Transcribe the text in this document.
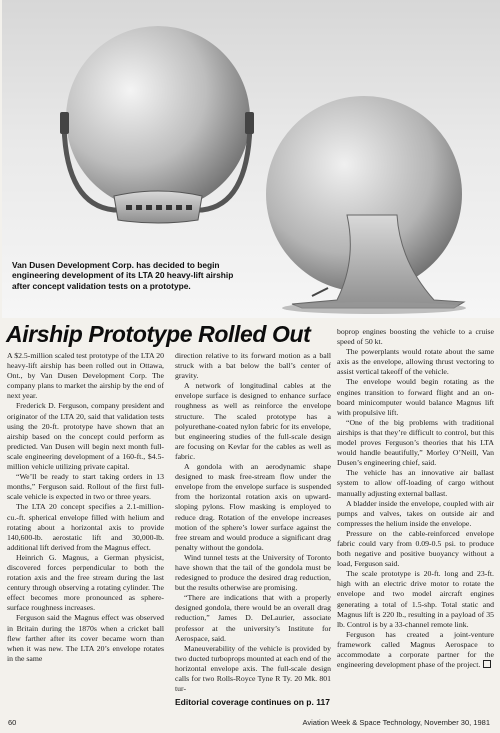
Van Dusen Development Corp. has decided to begin engineering development of its LTA 20 heavy-lift airship after concept validation tests on a prototype.
Airship Prototype Rolled Out

A $2.5-million scaled test prototype of the LTA 20 heavy-lift airship has been rolled out in Ottawa, Ont., by Van Dusen Development Corp. The company plans to market the airship by the end of next year.

Frederick D. Ferguson, company president and originator of the LTA 20, said that validation tests using the 20-ft. prototype have shown that an airship based on the concept could perform as predicted. Van Dusen will begin next month full-scale engineering development of a 160-ft., $4.5-million vehicle utilizing private capital.

“We’ll be ready to start taking orders in 13 months,” Ferguson said. Rollout of the first full-scale vehicle is expected in two or three years.

The LTA 20 concept specifies a 2.1-million-cu.-ft. spherical envelope filled with helium and rotating about a horizontal axis to provide 140,600-lb. aerostatic lift and 30,000-lb. additional lift derived from the Magnus effect.

Heinrich G. Magnus, a German physicist, discovered forces perpendicular to both the rotation axis and the free stream during the last century through observing a rotating cylinder. The effect becomes more pronounced as sphere-surface roughness increases.

Ferguson said the Magnus effect was observed in Britain during the 1870s when a cricket ball flew farther after its cover became worn than when it was new. The LTA 20’s envelope rotates in the same

direction relative to its forward motion as a ball struck with a bat below the ball’s center of gravity.

A network of longitudinal cables at the envelope surface is designed to enhance surface roughness as well as reinforce the envelope structure. The scaled prototype has a polyurethane-coated nylon fabric for its envelope, but engineering studies of the full-scale design are focusing on Kevlar for the cables as well as fabric.

A gondola with an aerodynamic shape designed to mask free-stream flow under the envelope from the envelope surface is suspended from the horizontal rotation axis on upward-sloping pylons. Flow masking is employed to reduce drag. Rotation of the envelope increases motion of the sphere’s lower surface against the free stream and would produce a significant drag penalty without the gondola.

Wind tunnel tests at the University of Toronto have shown that the tail of the gondola must be redesigned to produce the desired drag reduction, but the results otherwise are promising.

“There are indications that with a properly designed gondola, there would be an overall drag reduction,” James D. DeLaurier, associate professor at the university’s Institute for Aerospace, said.

Maneuverability of the vehicle is provided by two ducted turboprops mounted at each end of the horizontal envelope axis. The full-scale design calls for two Rolls-Royce Tyne R Ty. 20 Mk. 801 tur-

boprop engines boosting the vehicle to a cruise speed of 50 kt.

The powerplants would rotate about the same axis as the envelope, allowing thrust vectoring to assist vertical takeoff of the vehicle.

The envelope would begin rotating as the engines transition to forward flight and an on-board minicomputer would balance Magnus lift with propulsive lift.

“One of the big problems with traditional airships is that they’re difficult to control, but this model proves Ferguson’s theories that his LTA would handle beautifully,” Morley O’Neill, Van Dusen’s engineering chief, said.

The vehicle has an innovative air ballast system to allow off-loading of cargo without manually adjusting external ballast.

A bladder inside the envelope, coupled with air pumps and valves, takes on outside air and compresses the helium inside the envelope.

Pressure on the cable-reinforced envelope fabric could vary from 0.09-0.5 psi. to produce both negative and positive buoyancy without a load, Ferguson said.

The scale prototype is 20-ft. long and 23-ft. high with an electric drive motor to rotate the envelope and two model aircraft engines generating a total of 1.5-shp. Total static and Magnus lift is 220 lb., resulting in a payload of 35 lb. Control is by a 33-channel remote link.

Ferguson has created a joint-venture framework called Magnus Aerospace to accommodate a corporate partner for the engineering development phase of the project.

Editorial coverage continues on p. 117
60	Aviation Week & Space Technology, November 30, 1981
